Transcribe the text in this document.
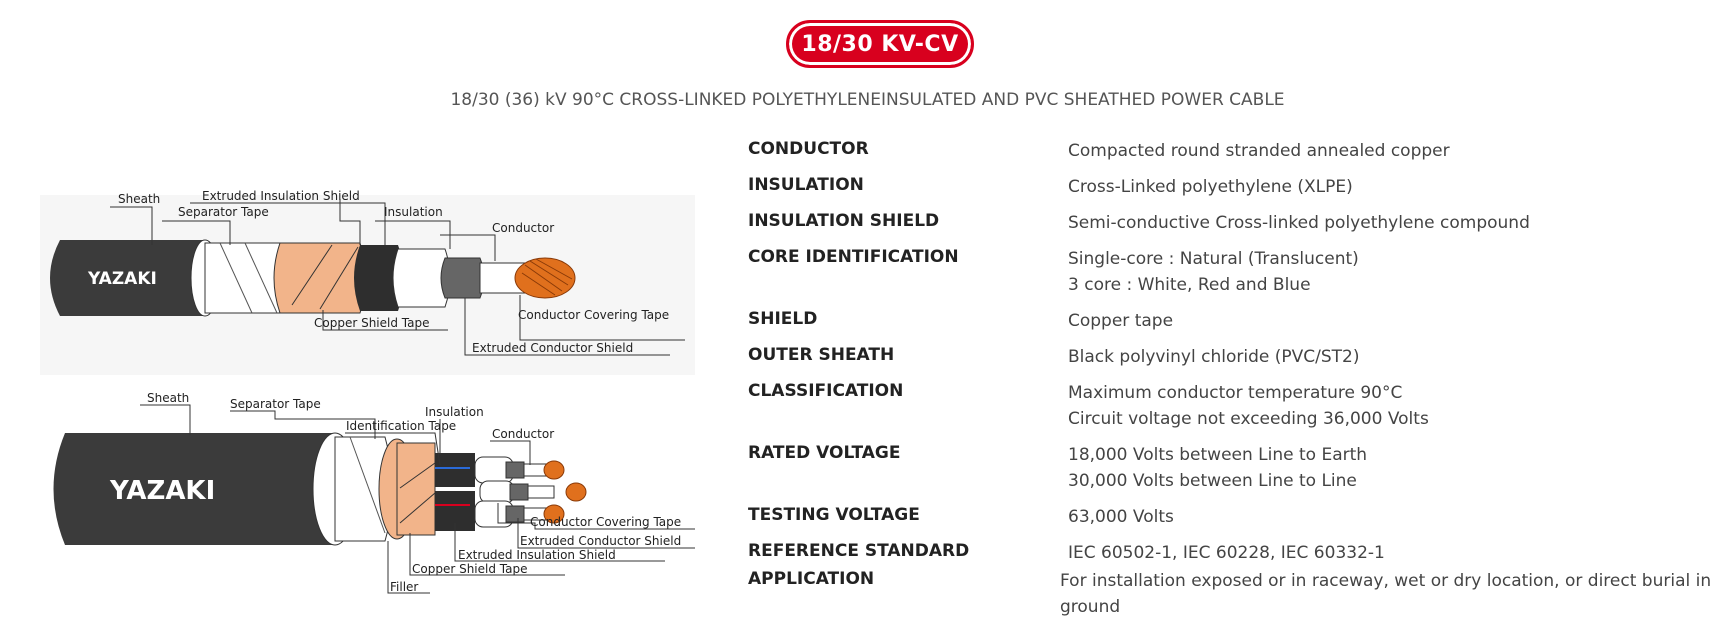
18/30 KV-CV
18/30 (36) kV 90°C CROSS-LINKED POLYETHYLENEINSULATED AND PVC SHEATHED POWER CABLE
YAZAKI
Sheath	Extruded Insulation Shield
Separator Tape	Insulation
Conductor
Conductor Covering Tape
Copper Shield Tape
Extruded Conductor Shield
YAZAKI
Sheath	Separator Tape
Insulation
Identification Tape
Conductor
Conductor Covering Tape
Extruded Conductor Shield
Extruded Insulation Shield
Copper Shield Tape
Filler
CONDUCTOR	Compacted round stranded annealed copper
INSULATION	Cross-Linked polyethylene (XLPE)
INSULATION SHIELD	Semi-conductive Cross-linked polyethylene compound
CORE IDENTIFICATION	Single-core : Natural (Translucent)
3 core : White, Red and Blue
SHIELD	Copper tape
OUTER SHEATH	Black polyvinyl chloride (PVC/ST2)
CLASSIFICATION	Maximum conductor temperature 90°C
Circuit voltage not exceeding 36,000 Volts
RATED VOLTAGE	18,000 Volts between Line to Earth
30,000 Volts between Line to Line
TESTING VOLTAGE	63,000 Volts
REFERENCE STANDARD	IEC 60502-1, IEC 60228, IEC 60332-1
APPLICATION	For installation exposed or in raceway, wet or dry location, or direct burial in ground
